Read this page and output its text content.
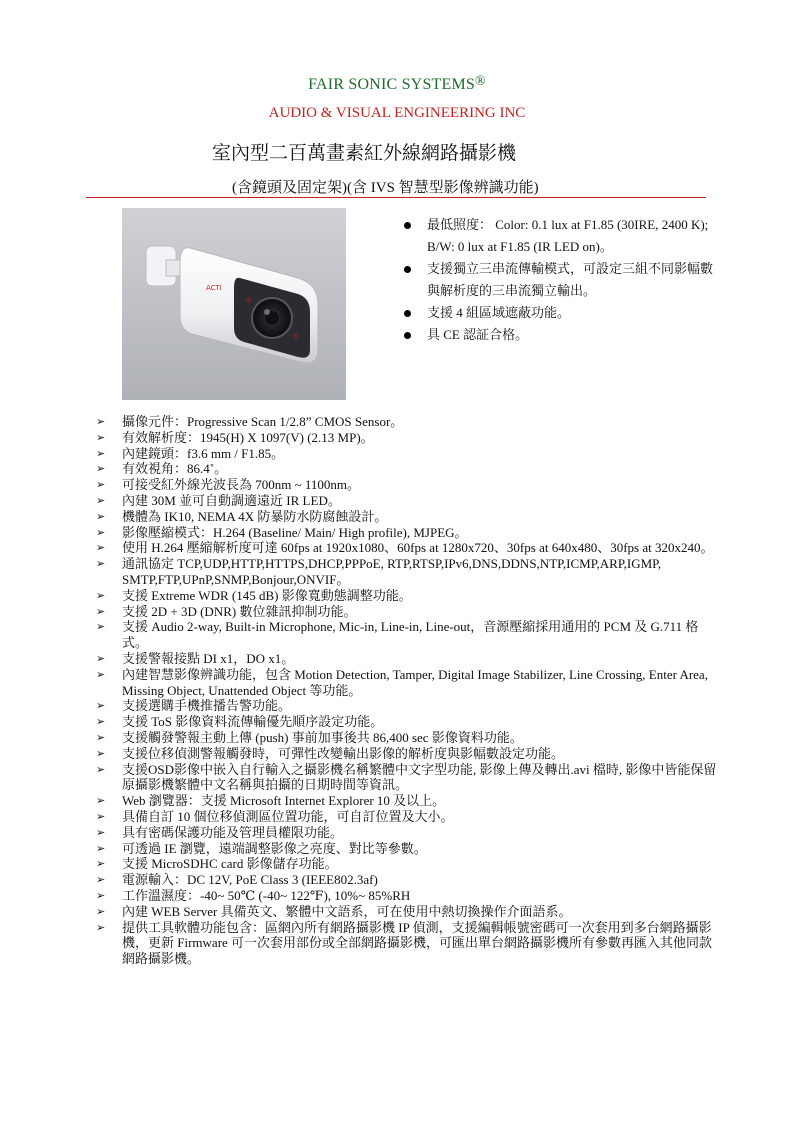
FAIR SONIC SYSTEMS®
AUDIO & VISUAL ENGINEERING INC
室內型二百萬畫素紅外線網路攝影機
(含鏡頭及固定架)(含 IVS 智慧型影像辨識功能)
ACTi
最低照度： Color: 0.1 lux at F1.85 (30IRE, 2400 K); B/W: 0 lux at F1.85 (IR LED on)。
支援獨立三串流傳輸模式，可設定三組不同影幅數與解析度的三串流獨立輸出。
支援 4 組區域遮蔽功能。
具 CE 認証合格。
➢ 攝像元件：Progressive Scan 1/2.8” CMOS Sensor。
➢ 有效解析度：1945(H) X 1097(V) (2.13 MP)。
➢ 內建鏡頭：f3.6 mm / F1.85。
➢ 有效視角：86.4˚。
➢ 可接受紅外線光波長為 700nm ~ 1100nm。
➢ 內建 30M 並可自動調適遠近 IR LED。
➢ 機體為 IK10, NEMA 4X 防暴防水防腐蝕設計。
➢ 影像壓縮模式：H.264 (Baseline/ Main/ High profile), MJPEG。
➢ 使用 H.264 壓縮解析度可達 60fps at 1920x1080、60fps at 1280x720、30fps at 640x480、30fps at 320x240。
➢ 通訊協定 TCP,UDP,HTTP,HTTPS,DHCP,PPPoE, RTP,RTSP,IPv6,DNS,DDNS,NTP,ICMP,ARP,IGMP, SMTP,FTP,UPnP,SNMP,Bonjour,ONVIF。
➢ 支援 Extreme WDR (145 dB) 影像寬動態調整功能。
➢ 支援 2D + 3D (DNR) 數位雜訊抑制功能。
➢ 支援 Audio 2-way, Built-in Microphone, Mic-in, Line-in, Line-out，音源壓縮採用通用的 PCM 及 G.711 格式。
➢ 支援警報接點 DI x1，DO x1。
➢ 內建智慧影像辨識功能，包含 Motion Detection, Tamper, Digital Image Stabilizer, Line Crossing, Enter Area, Missing Object, Unattended Object 等功能。
➢ 支援選購手機推播告警功能。
➢ 支援 ToS 影像資料流傳輸優先順序設定功能。
➢ 支援觸發警報主動上傳 (push) 事前加事後共 86,400 sec 影像資料功能。
➢ 支援位移偵測警報觸發時，可彈性改變輸出影像的解析度與影幅數設定功能。
➢ 支援OSD影像中嵌入自行輸入之攝影機名稱繁體中文字型功能, 影像上傳及轉出.avi 檔時, 影像中皆能保留原攝影機繁體中文名稱與拍攝的日期時間等資訊。
➢ Web 瀏覽器：支援 Microsoft Internet Explorer 10 及以上。
➢ 具備自訂 10 個位移偵測區位置功能，可自訂位置及大小。
➢ 具有密碼保護功能及管理員權限功能。
➢ 可透過 IE 瀏覽，遠端調整影像之亮度、對比等參數。
➢ 支援 MicroSDHC card 影像儲存功能。
➢ 電源輸入：DC 12V, PoE Class 3 (IEEE802.3af)
➢ 工作溫濕度：-40~ 50℃ (-40~ 122℉), 10%~ 85%RH
➢ 內建 WEB Server 具備英文、繁體中文語系，可在使用中熱切換操作介面語系。
➢ 提供工具軟體功能包含：區網內所有網路攝影機 IP 偵測，支援編輯帳號密碼可一次套用到多台網路攝影機，更新 Firmware 可一次套用部份或全部網路攝影機，可匯出單台網路攝影機所有參數再匯入其他同款網路攝影機。
